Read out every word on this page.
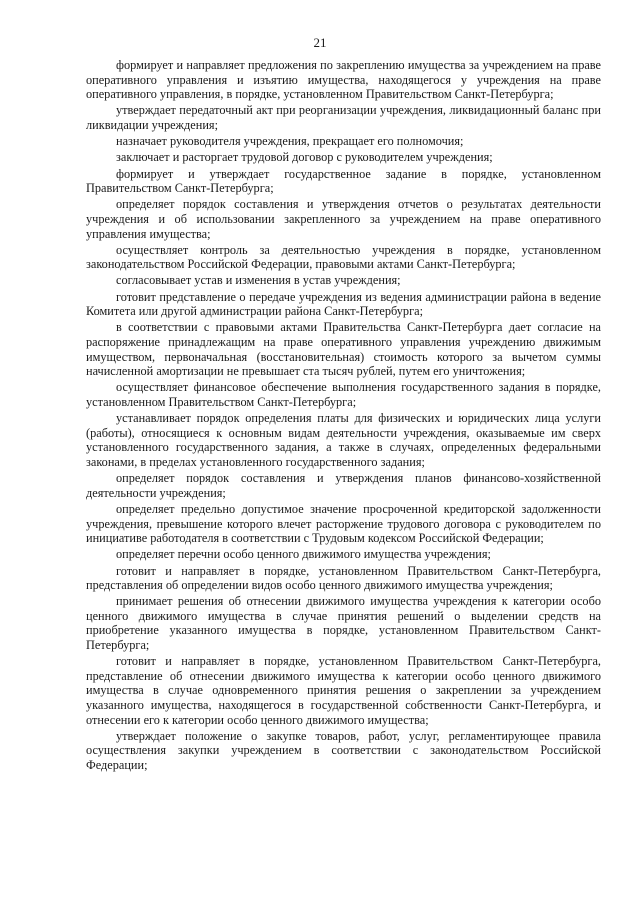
21

формирует и направляет предложения по закреплению имущества за учреждением на праве оперативного управления и изъятию имущества, находящегося у учреждения на праве оперативного управления, в порядке, установленном Правительством Санкт-Петербурга;

утверждает передаточный акт при реорганизации учреждения, ликвидационный баланс при ликвидации учреждения;

назначает руководителя учреждения, прекращает его полномочия;

заключает и расторгает трудовой договор с руководителем учреждения;

формирует и утверждает государственное задание в порядке, установленном Правительством Санкт-Петербурга;

определяет порядок составления и утверждения отчетов о результатах деятельности учреждения и об использовании закрепленного за учреждением на праве оперативного управления имущества;

осуществляет контроль за деятельностью учреждения в порядке, установленном законодательством Российской Федерации, правовыми актами Санкт-Петербурга;

согласовывает устав и изменения в устав учреждения;

готовит представление о передаче учреждения из ведения администрации района в ведение Комитета или другой администрации района Санкт-Петербурга;

в соответствии с правовыми актами Правительства Санкт-Петербурга дает согласие на распоряжение принадлежащим на праве оперативного управления учреждению движимым имуществом, первоначальная (восстановительная) стоимость которого за вычетом суммы начисленной амортизации не превышает ста тысяч рублей, путем его уничтожения;

осуществляет финансовое обеспечение выполнения государственного задания в порядке, установленном Правительством Санкт-Петербурга;

устанавливает порядок определения платы для физических и юридических лица услуги (работы), относящиеся к основным видам деятельности учреждения, оказываемые им сверх установленного государственного задания, а также в случаях, определенных федеральными законами, в пределах установленного государственного задания;

определяет порядок составления и утверждения планов финансово-хозяйственной деятельности учреждения;

определяет предельно допустимое значение просроченной кредиторской задолженности учреждения, превышение которого влечет расторжение трудового договора с руководителем по инициативе работодателя в соответствии с Трудовым кодексом Российской Федерации;

определяет перечни особо ценного движимого имущества учреждения;

готовит и направляет в порядке, установленном Правительством Санкт-Петербурга, представления об определении видов особо ценного движимого имущества учреждения;

принимает решения об отнесении движимого имущества учреждения к категории особо ценного движимого имущества в случае принятия решений о выделении средств на приобретение указанного имущества в порядке, установленном Правительством Санкт-Петербурга;

готовит и направляет в порядке, установленном Правительством Санкт-Петербурга, представление об отнесении движимого имущества к категории особо ценного движимого имущества в случае одновременного принятия решения о закреплении за учреждением указанного имущества, находящегося в государственной собственности Санкт-Петербурга, и отнесении его к категории особо ценного движимого имущества;

утверждает положение о закупке товаров, работ, услуг, регламентирующее правила осуществления закупки учреждением в соответствии с законодательством Российской Федерации;
